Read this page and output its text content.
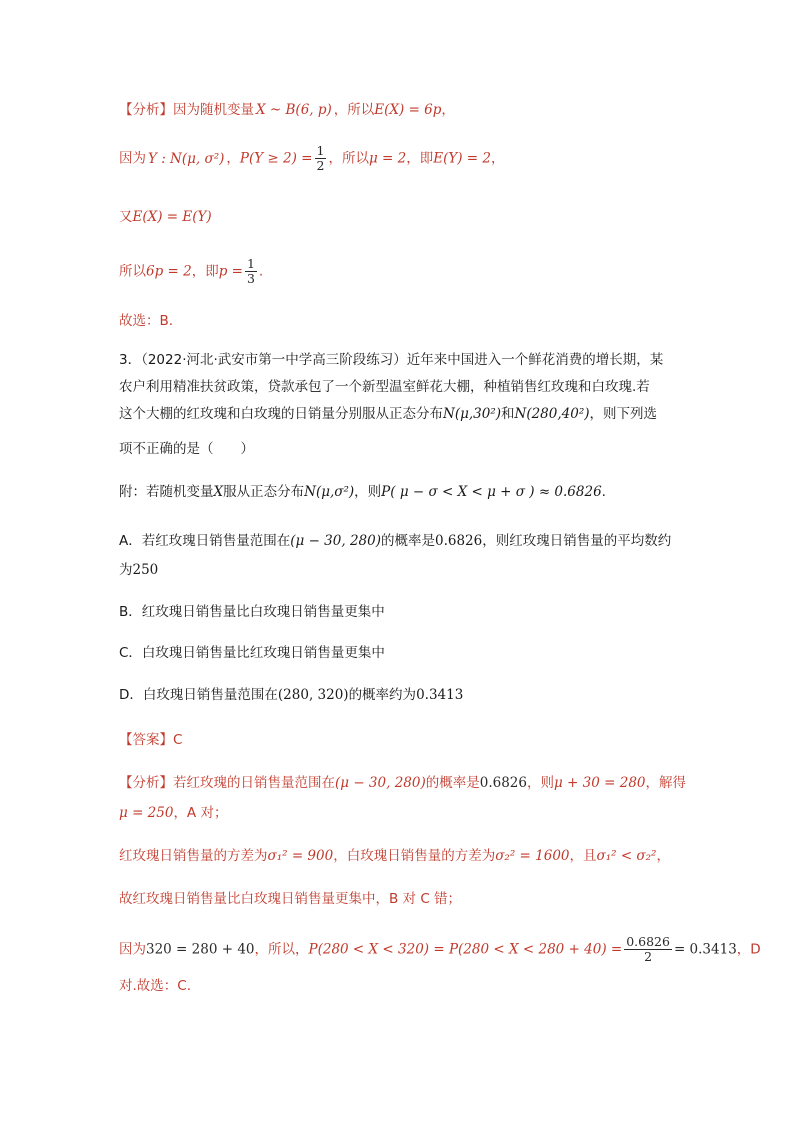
【分析】因为随机变量 X ~ B(6, p) ，所以E(X) = 6p，
因为 Y : N(μ, σ²) ，$P(Y \ge 2) = \frac{1}{2}$ ，所以μ = 2，即E(Y) = 2，
又E(X) = E(Y)
所以6p = 2，即$p = \frac{1}{3}$ .
故选：B.
3．（2022·河北·武安市第一中学高三阶段练习）近年来中国进入一个鲜花消费的增长期，某
农户利用精准扶贫政策，贷款承包了一个新型温室鲜花大棚，种植销售红玫瑰和白玫瑰.若
这个大棚的红玫瑰和白玫瑰的日销量分别服从正态分布N(μ,30²)和N(280,40²)，则下列选
项不正确的是（　　）
附：若随机变量X服从正态分布N(μ,σ²)，则P( μ − σ < X < μ + σ ) ≈ 0.6826.
A．若红玫瑰日销售量范围在(μ − 30, 280)的概率是0.6826，则红玫瑰日销售量的平均数约
为250
B．红玫瑰日销售量比白玫瑰日销售量更集中
C．白玫瑰日销售量比红玫瑰日销售量更集中
D．白玫瑰日销售量范围在(280, 320)的概率约为0.3413
【答案】C
【分析】若红玫瑰的日销售量范围在(μ − 30, 280)的概率是0.6826，则μ + 30 = 280，解得
μ = 250，A 对；
红玫瑰日销售量的方差为σ₁² = 900，白玫瑰日销售量的方差为σ₂² = 1600，且σ₁² < σ₂²，
故红玫瑰日销售量比白玫瑰日销售量更集中，B 对 C 错；
因为320 = 280 + 40，所以，$P(280 < X < 320) = P(280 < X < 280 + 40) = \frac{0.6826}{2} = 0.3413$，D
对.故选：C.
